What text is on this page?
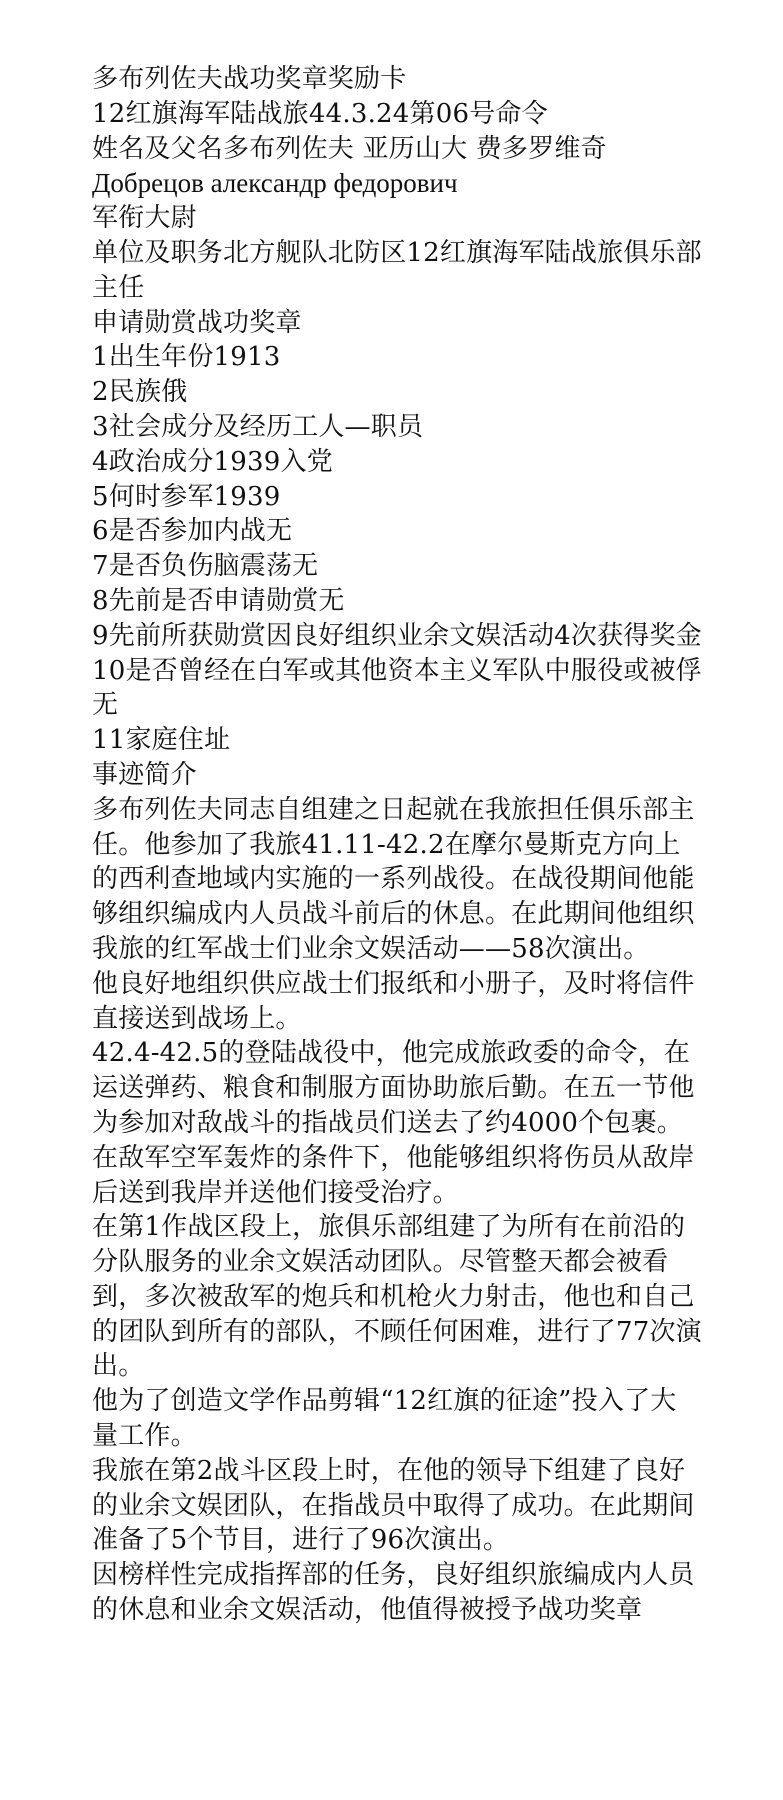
多布列佐夫战功奖章奖励卡

12红旗海军陆战旅44.3.24第06号命令

姓名及父名多布列佐夫 亚历山大 费多罗维奇

Добрецов александр федорович

军衔大尉

单位及职务北方舰队北防区12红旗海军陆战旅俱乐部主任

申请勋赏战功奖章

1出生年份1913

2民族俄

3社会成分及经历工人—职员

4政治成分1939入党

5何时参军1939

6是否参加内战无

7是否负伤脑震荡无

8先前是否申请勋赏无

9先前所获勋赏因良好组织业余文娱活动4次获得奖金

10是否曾经在白军或其他资本主义军队中服役或被俘无

11家庭住址

事迹简介

多布列佐夫同志自组建之日起就在我旅担任俱乐部主任。他参加了我旅41.11-42.2在摩尔曼斯克方向上的西利查地域内实施的一系列战役。在战役期间他能够组织编成内人员战斗前后的休息。在此期间他组织我旅的红军战士们业余文娱活动——58次演出。

他良好地组织供应战士们报纸和小册子，及时将信件直接送到战场上。

42.4-42.5的登陆战役中，他完成旅政委的命令，在运送弹药、粮食和制服方面协助旅后勤。在五一节他为参加对敌战斗的指战员们送去了约4000个包裹。在敌军空军轰炸的条件下，他能够组织将伤员从敌岸后送到我岸并送他们接受治疗。

在第1作战区段上，旅俱乐部组建了为所有在前沿的分队服务的业余文娱活动团队。尽管整天都会被看到，多次被敌军的炮兵和机枪火力射击，他也和自己的团队到所有的部队，不顾任何困难，进行了77次演出。

他为了创造文学作品剪辑“12红旗的征途”投入了大量工作。

我旅在第2战斗区段上时，在他的领导下组建了良好的业余文娱团队，在指战员中取得了成功。在此期间准备了5个节目，进行了96次演出。

因榜样性完成指挥部的任务，良好组织旅编成内人员的休息和业余文娱活动，他值得被授予战功奖章
